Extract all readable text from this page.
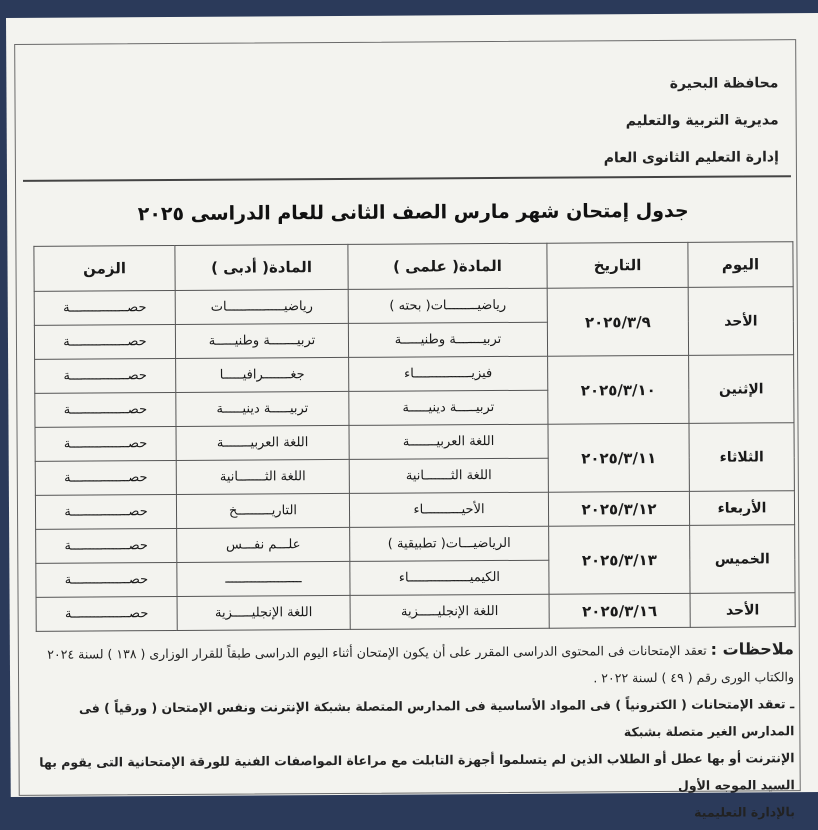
محافظة البحيرة
مديرية التربية والتعليم
إدارة التعليم الثانوى العام
جدول إمتحان شهر مارس الصف الثانى للعام الدراسى ٢٠٢٥
اليوم	التاريخ	المادة( علمى )	المادة( أدبى )	الزمن
الأحد	٢٠٢٥/٣/٩	رياضيــــــــات( بحته )	رياضيـــــــــــــــات	حصـــــــــــــــة
		تربيـــــــة وطنيـــــة	تربيـــــــة وطنيـــــة	حصـــــــــــــــة
الإثنين	٢٠٢٥/٣/١٠	فيزيـــــــــــــــاء	جغـــــــرافيـــــا	حصـــــــــــــــة
		تربيـــــة دينيـــــة	تربيـــــة دينيـــــة	حصـــــــــــــــة
الثلاثاء	٢٠٢٥/٣/١١	اللغة العربيـــــــة	اللغة العربيـــــــة	حصـــــــــــــــة
		اللغة الثـــــــانية	اللغة الثـــــــانية	حصـــــــــــــــة
الأربعاء	٢٠٢٥/٣/١٢	الأحيــــــــــاء	التاريـــــــــخ	حصـــــــــــــــة
الخميس	٢٠٢٥/٣/١٣	الرياضيـــات( تطبيقية )	علـــم نفـــس	حصـــــــــــــــة
		الكيميــــــــــــــــاء	ــــــــــــــــــــ	حصـــــــــــــــة
الأحد	٢٠٢٥/٣/١٦	اللغة الإنجليـــــزية	اللغة الإنجليـــــزية	حصـــــــــــــــة
ملاحظات : تعقد الإمتحانات فى المحتوى الدراسى المقرر على أن يكون الإمتحان أثناء اليوم الدراسى طبقاً للقرار الوزارى ( ١٣٨ ) لسنة ٢٠٢٤
والكتاب الورى رقم ( ٤٩ ) لسنة ٢٠٢٢ .
ـ تعقد الإمتحانات ( الكترونياً ) فى المواد الأساسية فى المدارس المتصلة بشبكة الإنترنت ونفس الإمتحان ( ورقياً ) فى المدارس الغير متصلة بشبكة
الإنترنت أو بها عطل أو الطلاب الذين لم يتسلموا أجهزة التابلت مع مراعاة المواصفات الفنية للورقة الإمتحانية التى يقوم بها السيد الموجه الأول
بالإدارة التعليمية
